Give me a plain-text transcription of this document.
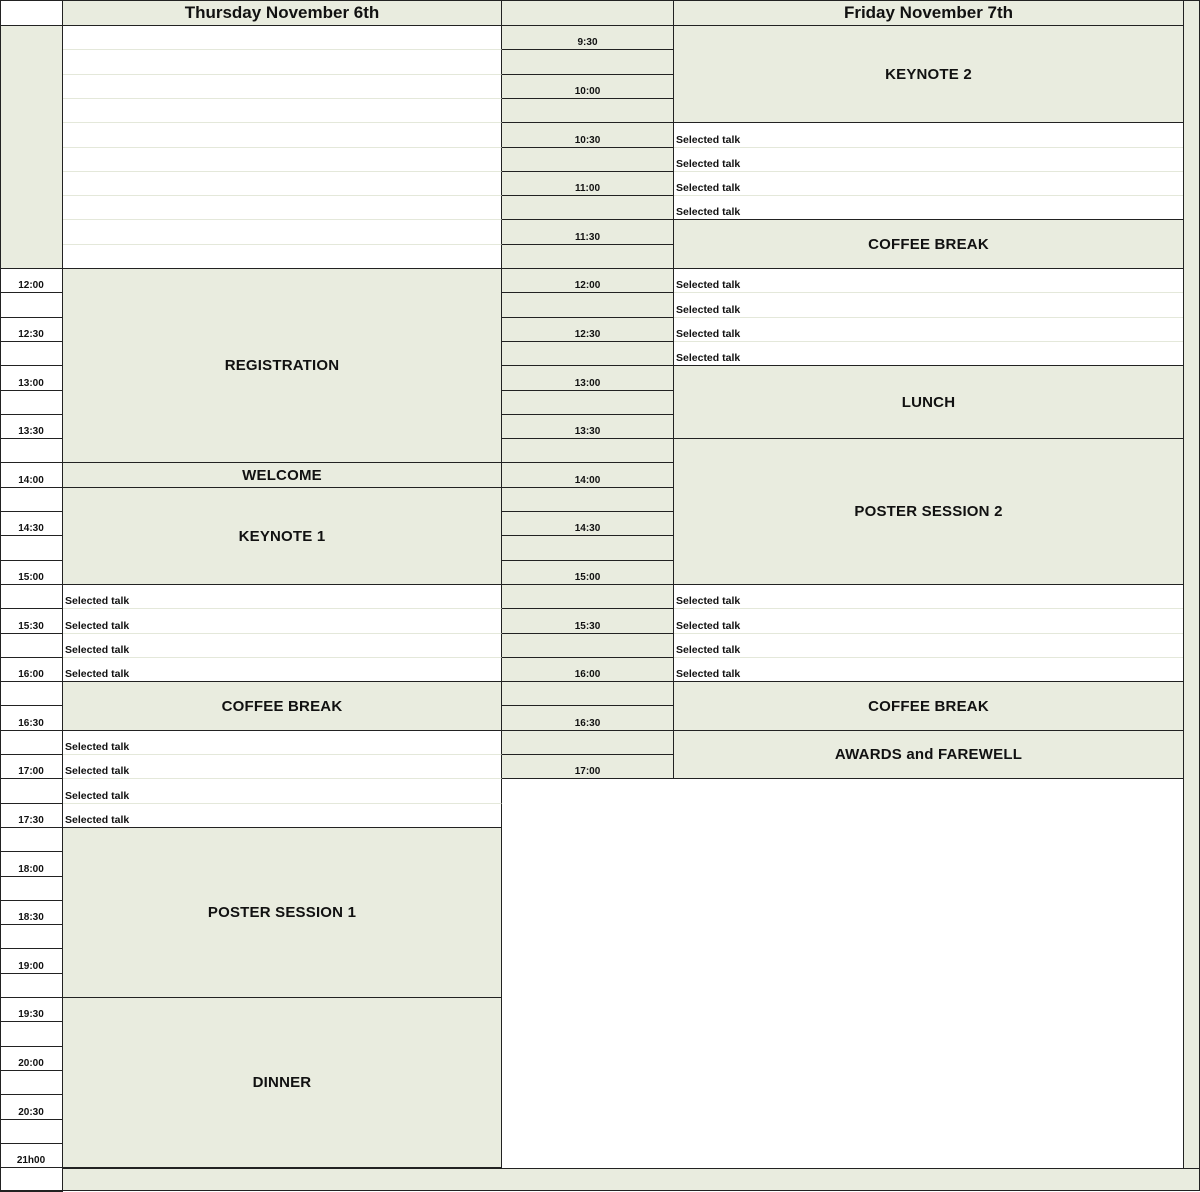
Thursday November 6th	Friday November 7th
12:00
12:30
13:00
13:30
14:00
14:30
15:00
15:30
16:00
16:30
17:00
17:30
18:00
18:30
19:00
19:30
20:00
20:30
21h00
REGISTRATION
WELCOME
KEYNOTE 1
Selected talk
Selected talk
Selected talk
Selected talk
COFFEE BREAK
Selected talk
Selected talk
Selected talk
Selected talk
POSTER SESSION 1
DINNER
9:30
10:00
10:30
11:00
11:30
12:00
12:30
13:00
13:30
14:00
14:30
15:00
15:30
16:00
16:30
17:00
KEYNOTE 2
Selected talk
Selected talk
Selected talk
Selected talk
COFFEE BREAK
Selected talk
Selected talk
Selected talk
Selected talk
LUNCH
POSTER SESSION 2
Selected talk
Selected talk
Selected talk
Selected talk
COFFEE BREAK
AWARDS and FAREWELL
